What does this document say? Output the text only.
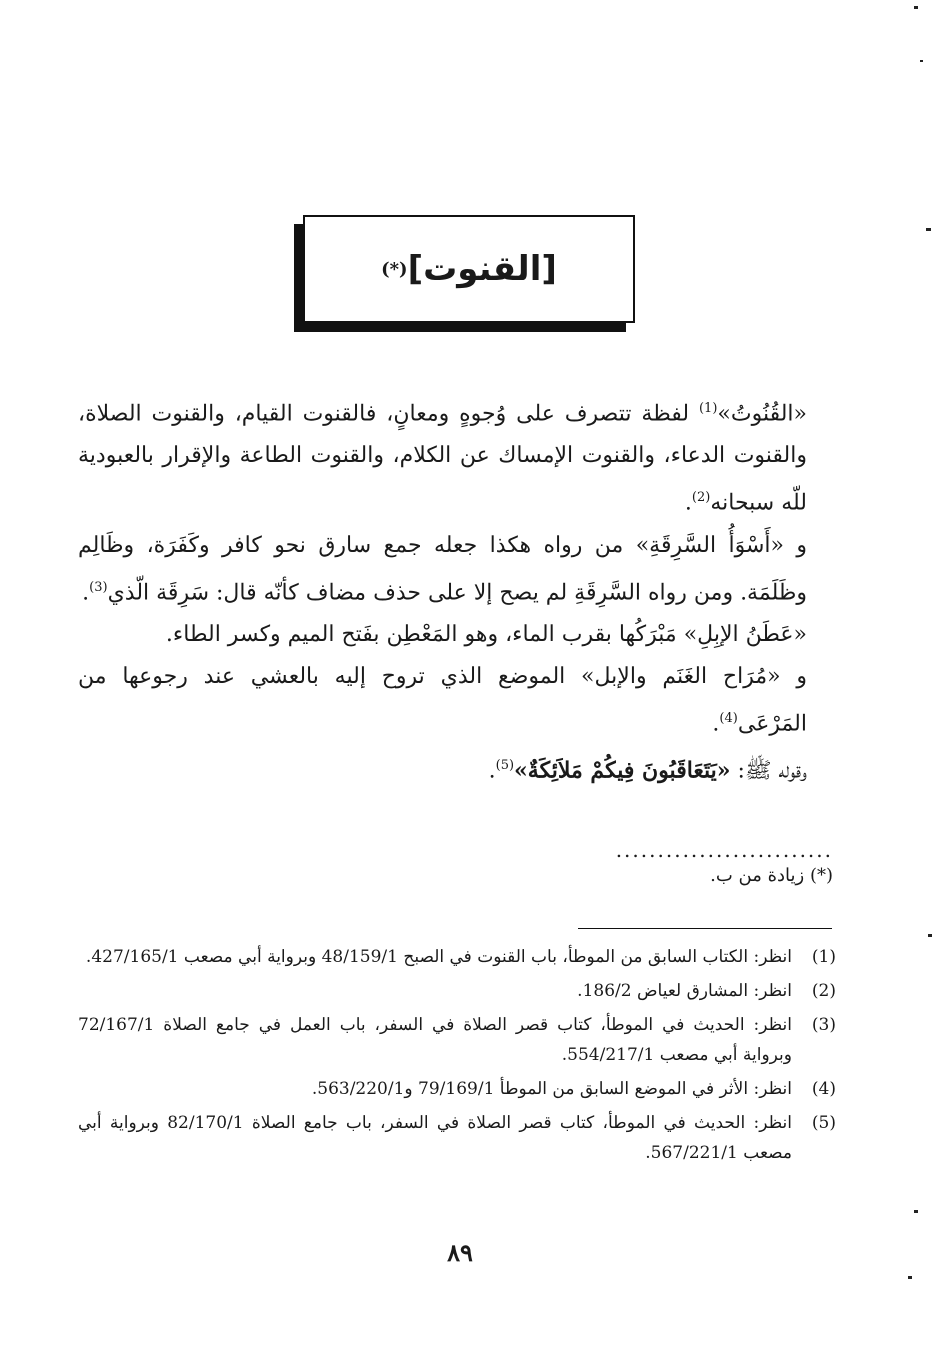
[القنوت]
(*)

«القُنُوتُ»$^{(1)}$ لفظة تتصرف على وُجوهٍ ومعانٍ، فالقنوت القيام، والقنوت الصلاة، والقنوت الدعاء، والقنوت الإمساك عن الكلام، والقنوت الطاعة والإقرار بالعبودية للّه سبحانه$^{(2)}$.

و «أَسْوَأُ السَّرِقَةِ» من رواه هكذا جعله جمع سارق نحو كافر وكَفَرَة، وظَالِم وظَلَمَة. ومن رواه السَّرِقَةِ لم يصح إلا على حذف مضاف كأنّه قال: سَرِقَة الّذي$^{(3)}$.

«عَطَنُ الإبِلِ» مَبْرَكُها بقرب الماء، وهو المَعْطِن بفَتح الميم وكسر الطاء.

و «مُرَاح الغَنَم والإبل» الموضع الذي تروح إليه بالعشي عند رجوعها من المَرْعَى$^{(4)}$.

وقوله ﷺ: «يَتَعَاقَبُونَ فِيكُمْ مَلاَئِكَةٌ»$^{(5)}$.

..........................
(*) زيادة من ب.
(1)
انظر: الكتاب السابق من الموطأ، باب القنوت في الصبح 48/159/1 وبرواية أبي مصعب 427/165/1.
(2)
انظر: المشارق لعياض 186/2.
(3)
انظر: الحديث في الموطأ، كتاب قصر الصلاة في السفر، باب العمل في جامع الصلاة 72/167/1 وبرواية أبي مصعب 554/217/1.
(4)
انظر: الأثر في الموضع السابق من الموطأ 79/169/1 و563/220/1.
(5)
انظر: الحديث في الموطأ، كتاب قصر الصلاة في السفر، باب جامع الصلاة 82/170/1 وبرواية أبي مصعب 567/221/1.
٨٩
